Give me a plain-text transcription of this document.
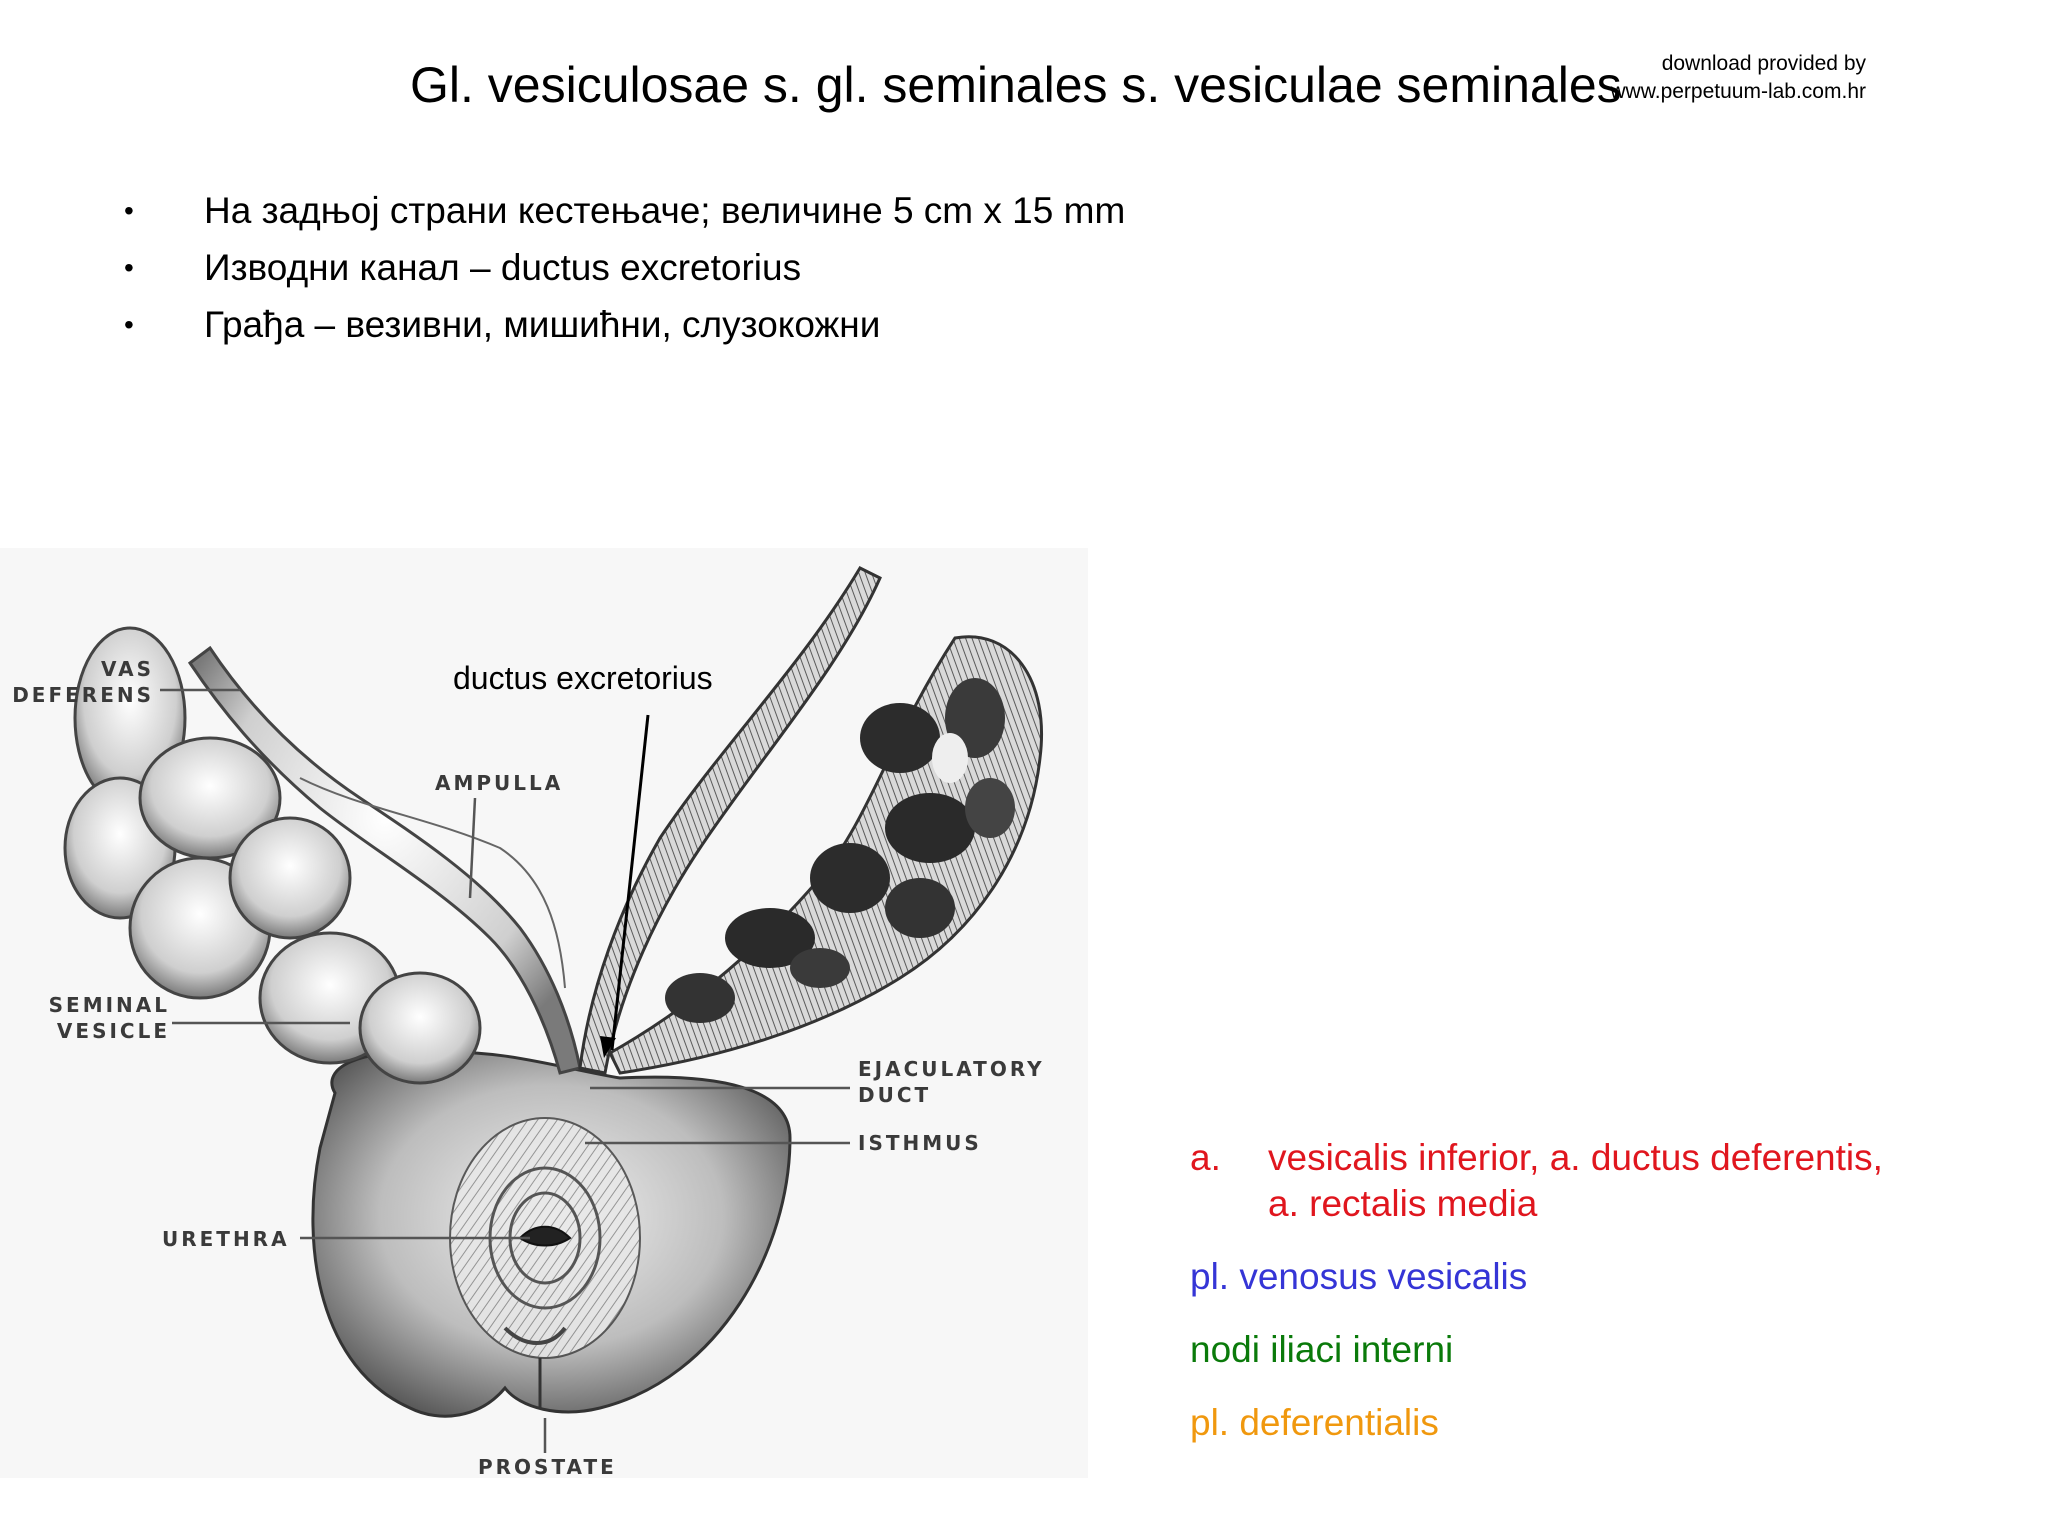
Gl. vesiculosae s. gl. seminales s. vesiculae seminales	download provided by
www.perpetuum-lab.com.hr
• На задњој страни кестењаче; величине 5 cm x 15 mm
• Изводни канал – ductus excretorius
• Грађа – везивни, мишићни, слузокожни
VAS
DEFERENS
AMPULLA
SEMINAL
VESICLE
EJACULATORY
DUCT
ISTHMUS
URETHRA
PROSTATE
ductus excretorius
a. vesicalis inferior, a. ductus deferentis,
a. rectalis media
pl. venosus vesicalis
nodi iliaci interni
pl. deferentialis
